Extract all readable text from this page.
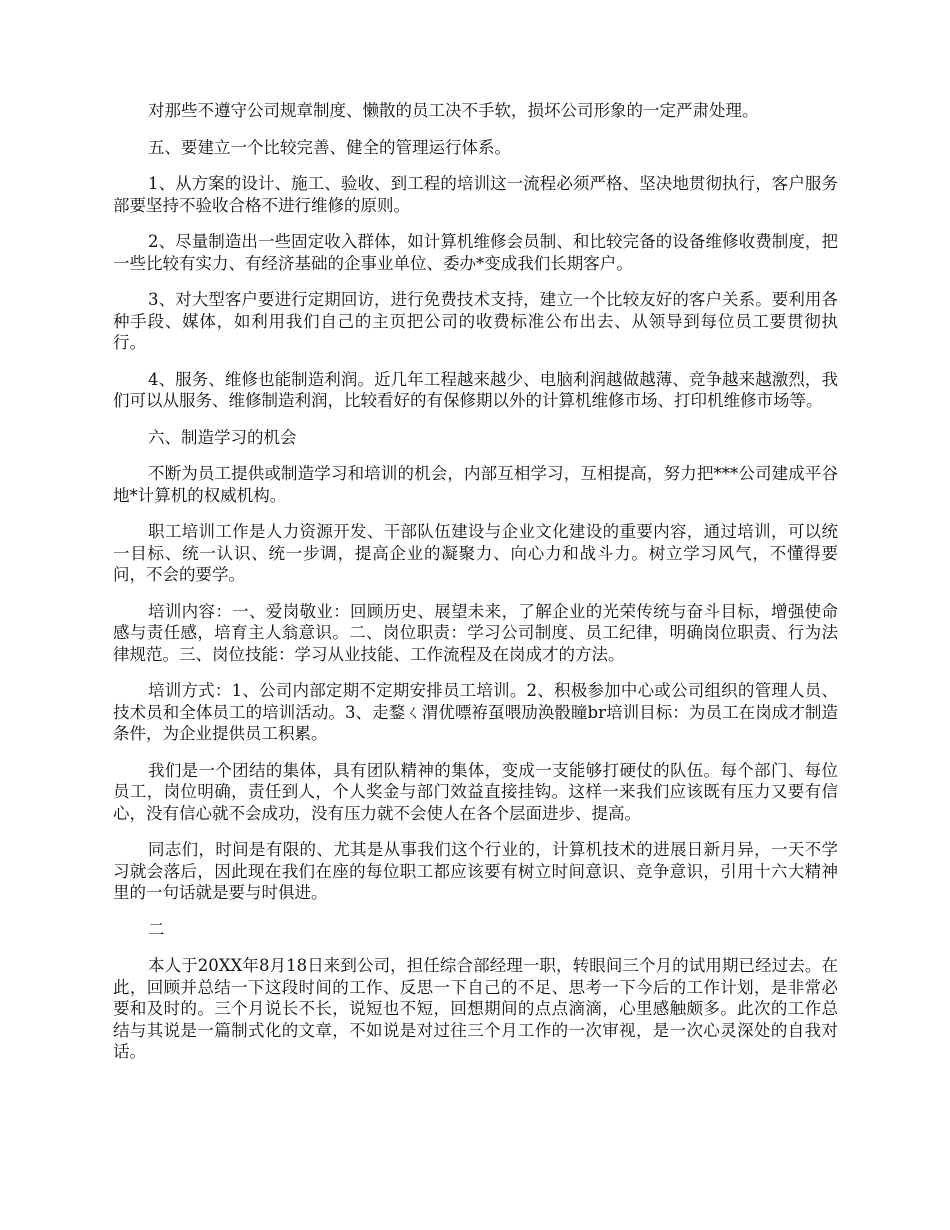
对那些不遵守公司规章制度、懒散的员工决不手软，损坏公司形象的一定严肃处理。

五、要建立一个比较完善、健全的管理运行体系。

1、从方案的设计、施工、验收、到工程的培训这一流程必须严格、坚决地贯彻执行，客户服务部要坚持不验收合格不进行维修的原则。

2、尽量制造出一些固定收入群体，如计算机维修会员制、和比较完备的设备维修收费制度，把一些比较有实力、有经济基础的企事业单位、委办*变成我们长期客户。

3、对大型客户要进行定期回访，进行免费技术支持，建立一个比较友好的客户关系。要利用各种手段、媒体，如利用我们自己的主页把公司的收费标准公布出去、从领导到每位员工要贯彻执行。

4、服务、维修也能制造利润。近几年工程越来越少、电脑利润越做越薄、竞争越来越激烈，我们可以从服务、维修制造利润，比较看好的有保修期以外的计算机维修市场、打印机维修市场等。

六、制造学习的机会

不断为员工提供或制造学习和培训的机会，内部互相学习，互相提高，努力把***公司建成平谷地*计算机的权威机构。

职工培训工作是人力资源开发、干部队伍建设与企业文化建设的重要内容，通过培训，可以统一目标、统一认识、统一步调，提高企业的凝聚力、向心力和战斗力。树立学习风气，不懂得要问，不会的要学。

培训内容：一、爱岗敬业：回顾历史、展望未来，了解企业的光荣传统与奋斗目标，增强使命感与责任感，培育主人翁意识。二、岗位职责：学习公司制度、员工纪律，明确岗位职责、行为法律规范。三、岗位技能：学习从业技能、工作流程及在岗成才的方法。

培训方式：1、公司内部定期不定期安排员工培训。2、积极参加中心或公司组织的管理人员、技术员和全体员工的培训活动。3、走鍪ㄑ渭优嘌袸虿喂劢涣骰瞳br培训目标：为员工在岗成才制造条件，为企业提供员工积累。

我们是一个团结的集体，具有团队精神的集体，变成一支能够打硬仗的队伍。每个部门、每位员工，岗位明确，责任到人，个人奖金与部门效益直接挂钩。这样一来我们应该既有压力又要有信心，没有信心就不会成功，没有压力就不会使人在各个层面进步、提高。

同志们，时间是有限的、尤其是从事我们这个行业的，计算机技术的进展日新月异，一天不学习就会落后，因此现在我们在座的每位职工都应该要有树立时间意识、竞争意识，引用十六大精神里的一句话就是要与时俱进。

二

本人于20XX年8月18日来到公司，担任综合部经理一职，转眼间三个月的试用期已经过去。在此，回顾并总结一下这段时间的工作、反思一下自己的不足、思考一下今后的工作计划，是非常必要和及时的。三个月说长不长，说短也不短，回想期间的点点滴滴，心里感触颇多。此次的工作总结与其说是一篇制式化的文章，不如说是对过往三个月工作的一次审视，是一次心灵深处的自我对话。
